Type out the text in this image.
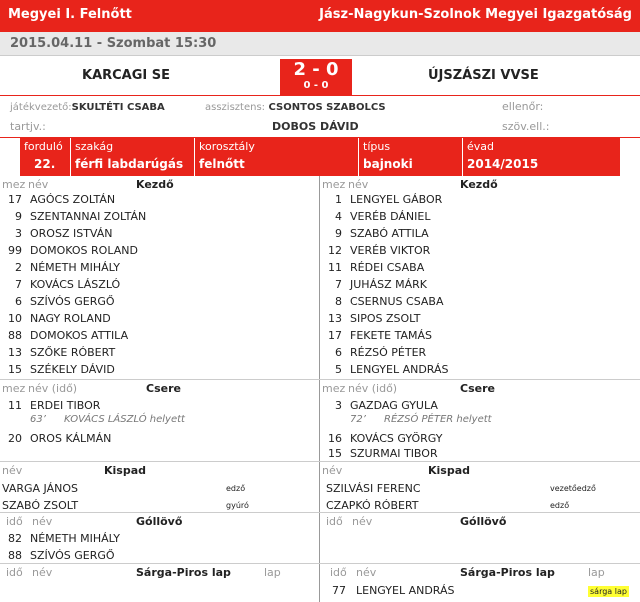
Megyei I. Felnőtt	Jász-Nagykun-Szolnok Megyei Igazgatóság
2015.04.11 - Szombat 15:30
KARCAGI SE	ÚJSZÁSZI VVSE
2 - 0
0 - 0
játékvezető:SKULTÉTI CSABA	asszisztens: CSONTOS SZABOLCS	ellenőr:
tartjv.:	DOBOS DÁVID	szöv.ell.:
forduló
22.
szakág
férfi labdarúgás
korosztály
felnőtt
típus
bajnoki
évad
2014/2015
mez név	Kezdő	mez név	Kezdő
17 AGÓCS ZOLTÁN
9 SZENTANNAI ZOLTÁN
3 OROSZ ISTVÁN
99 DOMOKOS ROLAND
2 NÉMETH MIHÁLY
7 KOVÁCS LÁSZLÓ
6 SZÍVÓS GERGŐ
10 NAGY ROLAND
88 DOMOKOS ATTILA
13 SZŐKE RÓBERT
15 SZÉKELY DÁVID
1 LENGYEL GÁBOR
4 VERÉB DÁNIEL
9 SZABÓ ATTILA
12 VERÉB VIKTOR
11 RÉDEI CSABA
7 JUHÁSZ MÁRK
8 CSERNUS CSABA
13 SIPOS ZSOLT
17 FEKETE TAMÁS
6 RÉZSÓ PÉTER
5 LENGYEL ANDRÁS
mez név (idő)	Csere	mez név (idő)	Csere
11 ERDEI TIBOR
63’ KOVÁCS LÁSZLÓ helyett
20 OROS KÁLMÁN
3 GAZDAG GYULA
72’ RÉZSÓ PÉTER helyett
16 KOVÁCS GYÖRGY
15 SZURMAI TIBOR
név	Kispad	név	Kispad
VARGA JÁNOS	edző
SZABÓ ZSOLT	gyúró
SZILVÁSI FERENC	vezetőedző
CZAPKÓ RÓBERT	edző
idő név	Góllövő	idő név	Góllövő
82 NÉMETH MIHÁLY
88 SZÍVÓS GERGŐ
idő név	Sárga-Piros lap	lap	idő név	Sárga-Piros lap	lap
77 LENGYEL ANDRÁS	sárga lap
